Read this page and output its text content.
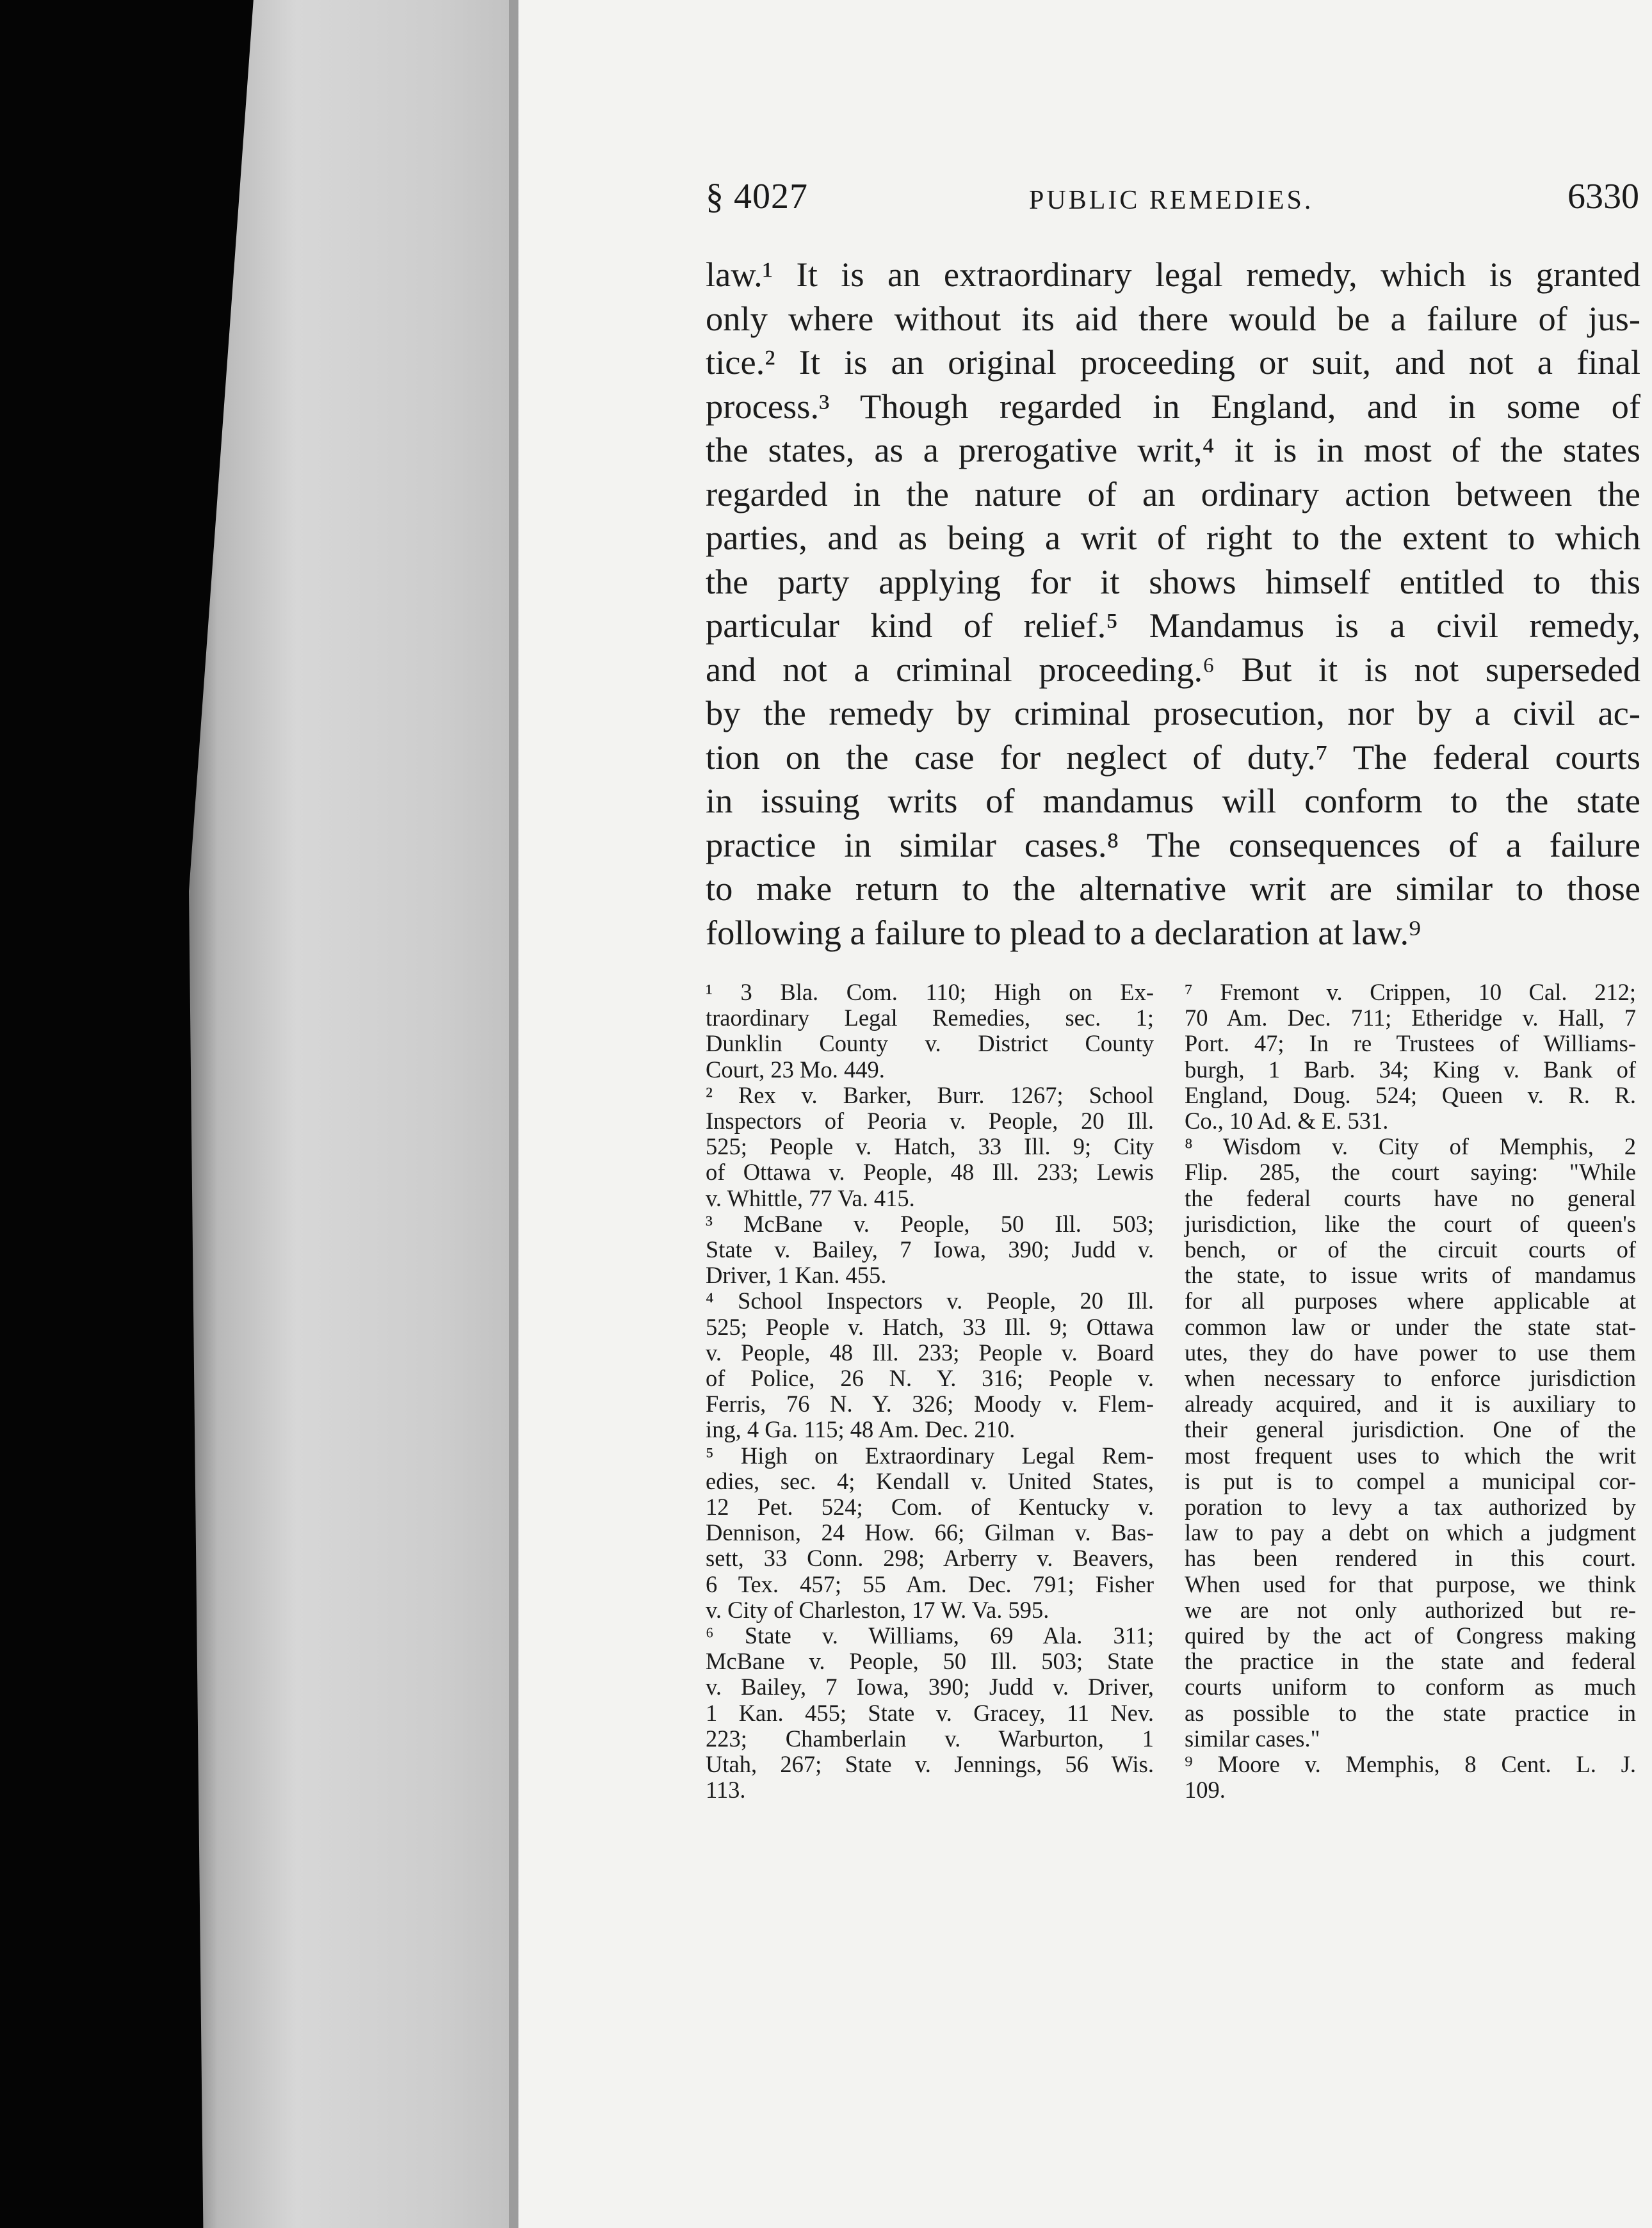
§ 4027	PUBLIC REMEDIES.	6330
law.¹ It is an extraordinary legal remedy, which is granted
only where without its aid there would be a failure of jus-
tice.² It is an original proceeding or suit, and not a final
process.³ Though regarded in England, and in some of
the states, as a prerogative writ,⁴ it is in most of the states
regarded in the nature of an ordinary action between the
parties, and as being a writ of right to the extent to which
the party applying for it shows himself entitled to this
particular kind of relief.⁵ Mandamus is a civil remedy,
and not a criminal proceeding.⁶ But it is not superseded
by the remedy by criminal prosecution, nor by a civil ac-
tion on the case for neglect of duty.⁷ The federal courts
in issuing writs of mandamus will conform to the state
practice in similar cases.⁸ The consequences of a failure
to make return to the alternative writ are similar to those
following a failure to plead to a declaration at law.⁹
¹ 3 Bla. Com. 110; High on Ex-
traordinary Legal Remedies, sec. 1;
Dunklin County v. District County
Court, 23 Mo. 449.
² Rex v. Barker, Burr. 1267; School
Inspectors of Peoria v. People, 20 Ill.
525; People v. Hatch, 33 Ill. 9; City
of Ottawa v. People, 48 Ill. 233; Lewis
v. Whittle, 77 Va. 415.
³ McBane v. People, 50 Ill. 503;
State v. Bailey, 7 Iowa, 390; Judd v.
Driver, 1 Kan. 455.
⁴ School Inspectors v. People, 20 Ill.
525; People v. Hatch, 33 Ill. 9; Ottawa
v. People, 48 Ill. 233; People v. Board
of Police, 26 N. Y. 316; People v.
Ferris, 76 N. Y. 326; Moody v. Flem-
ing, 4 Ga. 115; 48 Am. Dec. 210.
⁵ High on Extraordinary Legal Rem-
edies, sec. 4; Kendall v. United States,
12 Pet. 524; Com. of Kentucky v.
Dennison, 24 How. 66; Gilman v. Bas-
sett, 33 Conn. 298; Arberry v. Beavers,
6 Tex. 457; 55 Am. Dec. 791; Fisher
v. City of Charleston, 17 W. Va. 595.
⁶ State v. Williams, 69 Ala. 311;
McBane v. People, 50 Ill. 503; State
v. Bailey, 7 Iowa, 390; Judd v. Driver,
1 Kan. 455; State v. Gracey, 11 Nev.
223; Chamberlain v. Warburton, 1
Utah, 267; State v. Jennings, 56 Wis.
113.
⁷ Fremont v. Crippen, 10 Cal. 212;
70 Am. Dec. 711; Etheridge v. Hall, 7
Port. 47; In re Trustees of Williams-
burgh, 1 Barb. 34; King v. Bank of
England, Doug. 524; Queen v. R. R.
Co., 10 Ad. & E. 531.
⁸ Wisdom v. City of Memphis, 2
Flip. 285, the court saying: "While
the federal courts have no general
jurisdiction, like the court of queen's
bench, or of the circuit courts of
the state, to issue writs of mandamus
for all purposes where applicable at
common law or under the state stat-
utes, they do have power to use them
when necessary to enforce jurisdiction
already acquired, and it is auxiliary to
their general jurisdiction. One of the
most frequent uses to which the writ
is put is to compel a municipal cor-
poration to levy a tax authorized by
law to pay a debt on which a judgment
has been rendered in this court.
When used for that purpose, we think
we are not only authorized but re-
quired by the act of Congress making
the practice in the state and federal
courts uniform to conform as much
as possible to the state practice in
similar cases."
⁹ Moore v. Memphis, 8 Cent. L. J.
109.
